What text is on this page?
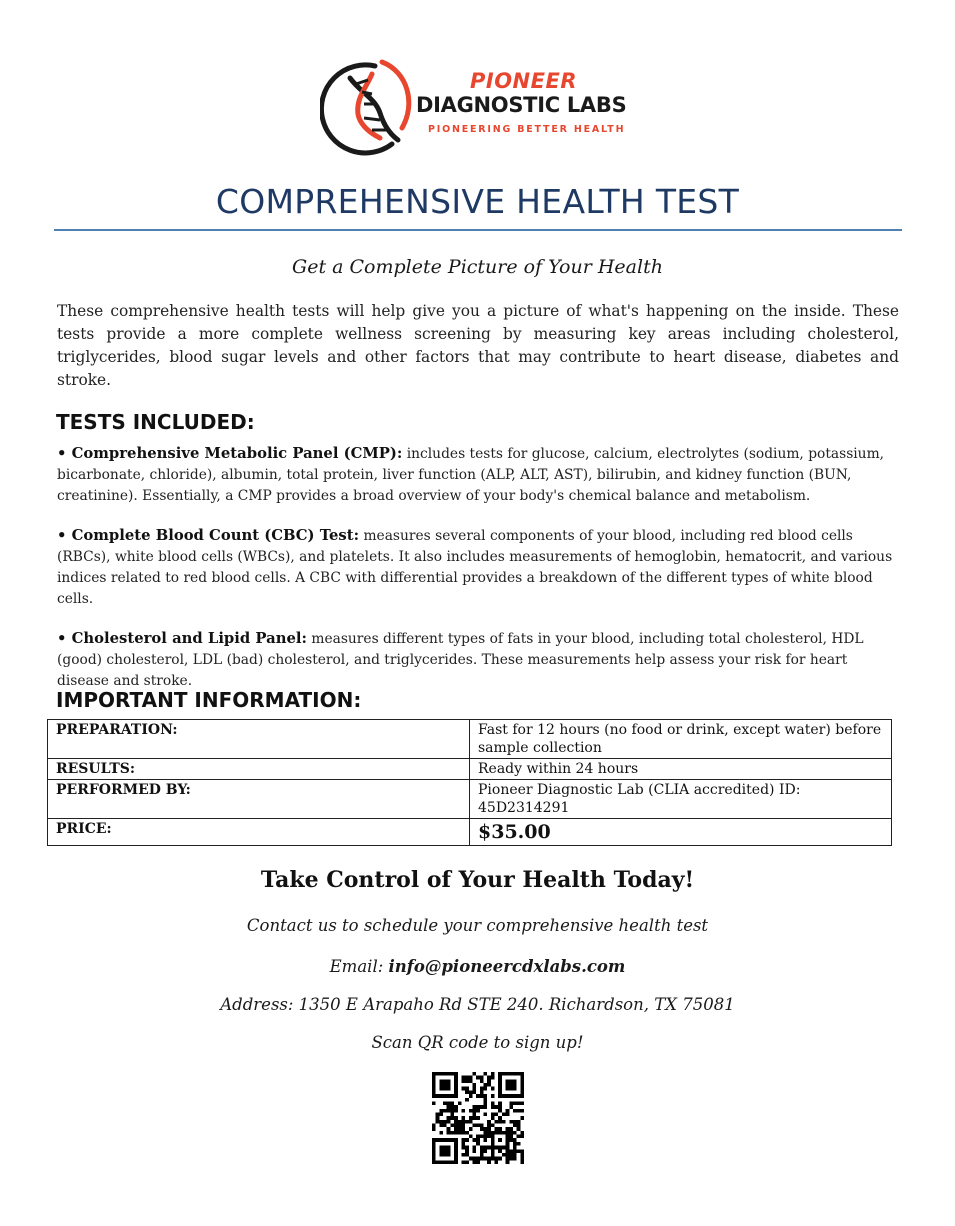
PIONEER
DIAGNOSTIC LABS
PIONEERING BETTER HEALTH
COMPREHENSIVE HEALTH TEST
Get a Complete Picture of Your Health
These comprehensive health tests will help give you a picture of what's happening on the inside. These tests provide a more complete wellness screening by measuring key areas including cholesterol, triglycerides, blood sugar levels and other factors that may contribute to heart disease, diabetes and stroke.
TESTS INCLUDED:

• Comprehensive Metabolic Panel (CMP): includes tests for glucose, calcium, electrolytes (sodium, potassium, bicarbonate, chloride), albumin, total protein, liver function (ALP, ALT, AST), bilirubin, and kidney function (BUN, creatinine). Essentially, a CMP provides a broad overview of your body's chemical balance and metabolism.

• Complete Blood Count (CBC) Test: measures several components of your blood, including red blood cells (RBCs), white blood cells (WBCs), and platelets. It also includes measurements of hemoglobin, hematocrit, and various indices related to red blood cells. A CBC with differential provides a breakdown of the different types of white blood cells.

• Cholesterol and Lipid Panel: measures different types of fats in your blood, including total cholesterol, HDL (good) cholesterol, LDL (bad) cholesterol, and triglycerides. These measurements help assess your risk for heart disease and stroke.

IMPORTANT INFORMATION:
PREPARATION:	Fast for 12 hours (no food or drink, except water) before sample collection
RESULTS:	Ready within 24 hours
PERFORMED BY:	Pioneer Diagnostic Lab (CLIA accredited) ID: 45D2314291
PRICE:	$35.00
Take Control of Your Health Today!
Contact us to schedule your comprehensive health test
Email: info@pioneercdxlabs.com
Address: 1350 E Arapaho Rd STE 240. Richardson, TX 75081
Scan QR code to sign up!
